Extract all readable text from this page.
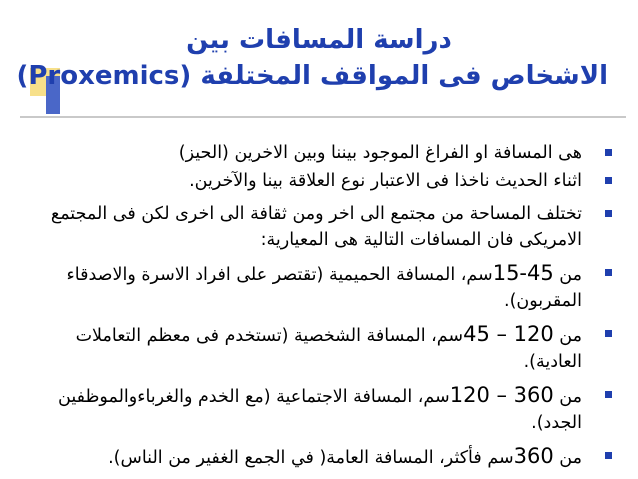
دراسة المسافات بين
الاشخاص فى المواقف المختلفة (Proxemics)
هى المسافة او الفراغ الموجود بيننا وبين الاخرين (الحيز)
اثناء الحديث ناخذا فى الاعتبار نوع العلاقة بينا والآخرين.
تختلف المساحة من مجتمع الى اخر ومن ثقافة الى اخرى لكن فى المجتمع الامريكى فان المسافات التالية هى المعيارية:
من 15-45سم، المسافة الحميمية (تقتصر على افراد الاسرة والاصدقاء المقربون).
من 45 – 120سم، المسافة الشخصية (تستخدم فى معظم التعاملات العادية).
من 120 – 360سم، المسافة الاجتماعية (مع الخدم والغرباءوالموظفين الجدد).
من 360سم فأكثر، المسافة العامة( في الجمع الغفير من الناس).
